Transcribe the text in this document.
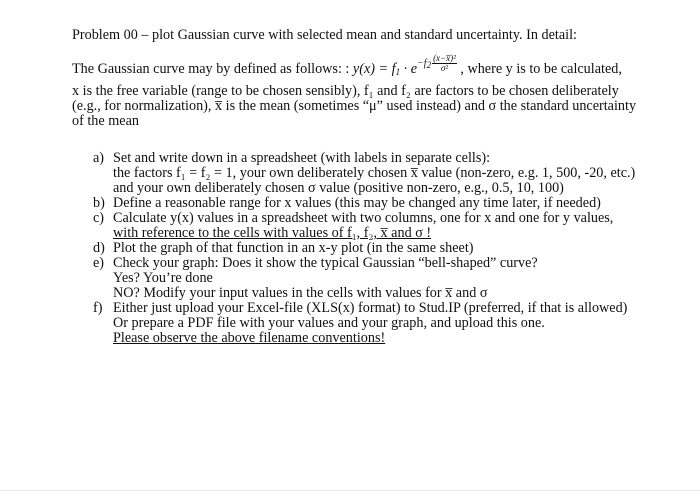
Problem 00 – plot Gaussian curve with selected mean and standard uncertainty. In detail:
The Gaussian curve may by defined as follows: : $y(x) = f_1 \cdot e-f2 \frac{\text{(x−x̅)²}}{\text{σ²}}$ , where y is to be calculated,
x is the free variable (range to be chosen sensibly), f₁ and f₂ are factors to be chosen deliberately
(e.g., for normalization), x̅ is the mean (sometimes “μ” used instead) and σ the standard uncertainty
of the mean
a) Set and write down in a spreadsheet (with labels in separate cells):
the factors f₁ = f₂ = 1, your own deliberately chosen x̅ value (non-zero, e.g. 1, 500, -20, etc.)
and your own deliberately chosen σ value (positive non-zero, e.g., 0.5, 10, 100)
b) Define a reasonable range for x values (this may be changed any time later, if needed)
c) Calculate y(x) values in a spreadsheet with two columns, one for x and one for y values,
with reference to the cells with values of f₁, f₂, x̅ and σ !
d) Plot the graph of that function in an x-y plot (in the same sheet)
e) Check your graph: Does it show the typical Gaussian “bell-shaped” curve?
Yes? You’re done
NO? Modify your input values in the cells with values for x̅ and σ
f) Either just upload your Excel-file (XLS(x) format) to Stud.IP (preferred, if that is allowed)
Or prepare a PDF file with your values and your graph, and upload this one.
Please observe the above filename conventions!
